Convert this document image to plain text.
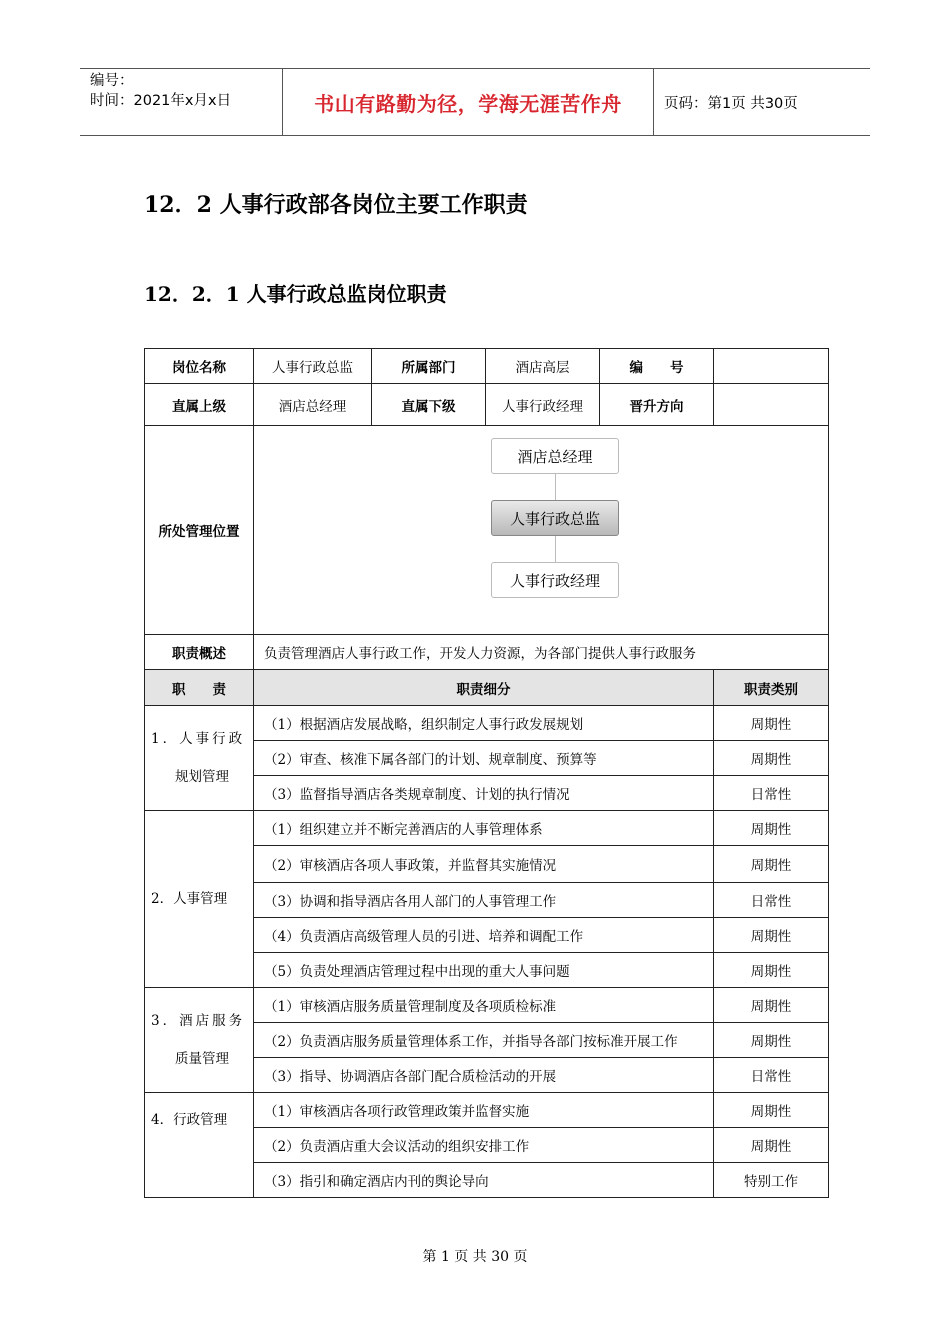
编号：
时间：2021年x月x日	书山有路勤为径，学海无涯苦作舟	页码：第1页 共30页
12．2 人事行政部各岗位主要工作职责
12．2．1 人事行政总监岗位职责
岗位名称	人事行政总监	所属部门	酒店高层	编　　号	
直属上级	酒店总经理	直属下级	人事行政经理	晋升方向	
所处管理位置	酒店总经理
人事行政总监
人事行政经理				

职责概述	负责管理酒店人事行政工作，开发人力资源，为各部门提供人事行政服务				
职　　责	职责细分				职责类别

1．人事行政
规划管理	（1）根据酒店发展战略，组织制定人事行政发展规划				周期性
	（2）审查、核准下属各部门的计划、规章制度、预算等				周期性
	（3）监督指导酒店各类规章制度、计划的执行情况				日常性

2．人事管理	（1）组织建立并不断完善酒店的人事管理体系				周期性
	（2）审核酒店各项人事政策，并监督其实施情况				周期性
	（3）协调和指导酒店各用人部门的人事管理工作				日常性
	（4）负责酒店高级管理人员的引进、培养和调配工作				周期性
	（5）负责处理酒店管理过程中出现的重大人事问题				周期性

3．酒店服务
质量管理	（1）审核酒店服务质量管理制度及各项质检标准				周期性
	（2）负责酒店服务质量管理体系工作，并指导各部门按标准开展工作				周期性
	（3）指导、协调酒店各部门配合质检活动的开展				日常性

4．行政管理	（1）审核酒店各项行政管理政策并监督实施				周期性
	（2）负责酒店重大会议活动的组织安排工作				周期性
	（3）指引和确定酒店内刊的舆论导向				特别工作
第 1 页 共 30 页
